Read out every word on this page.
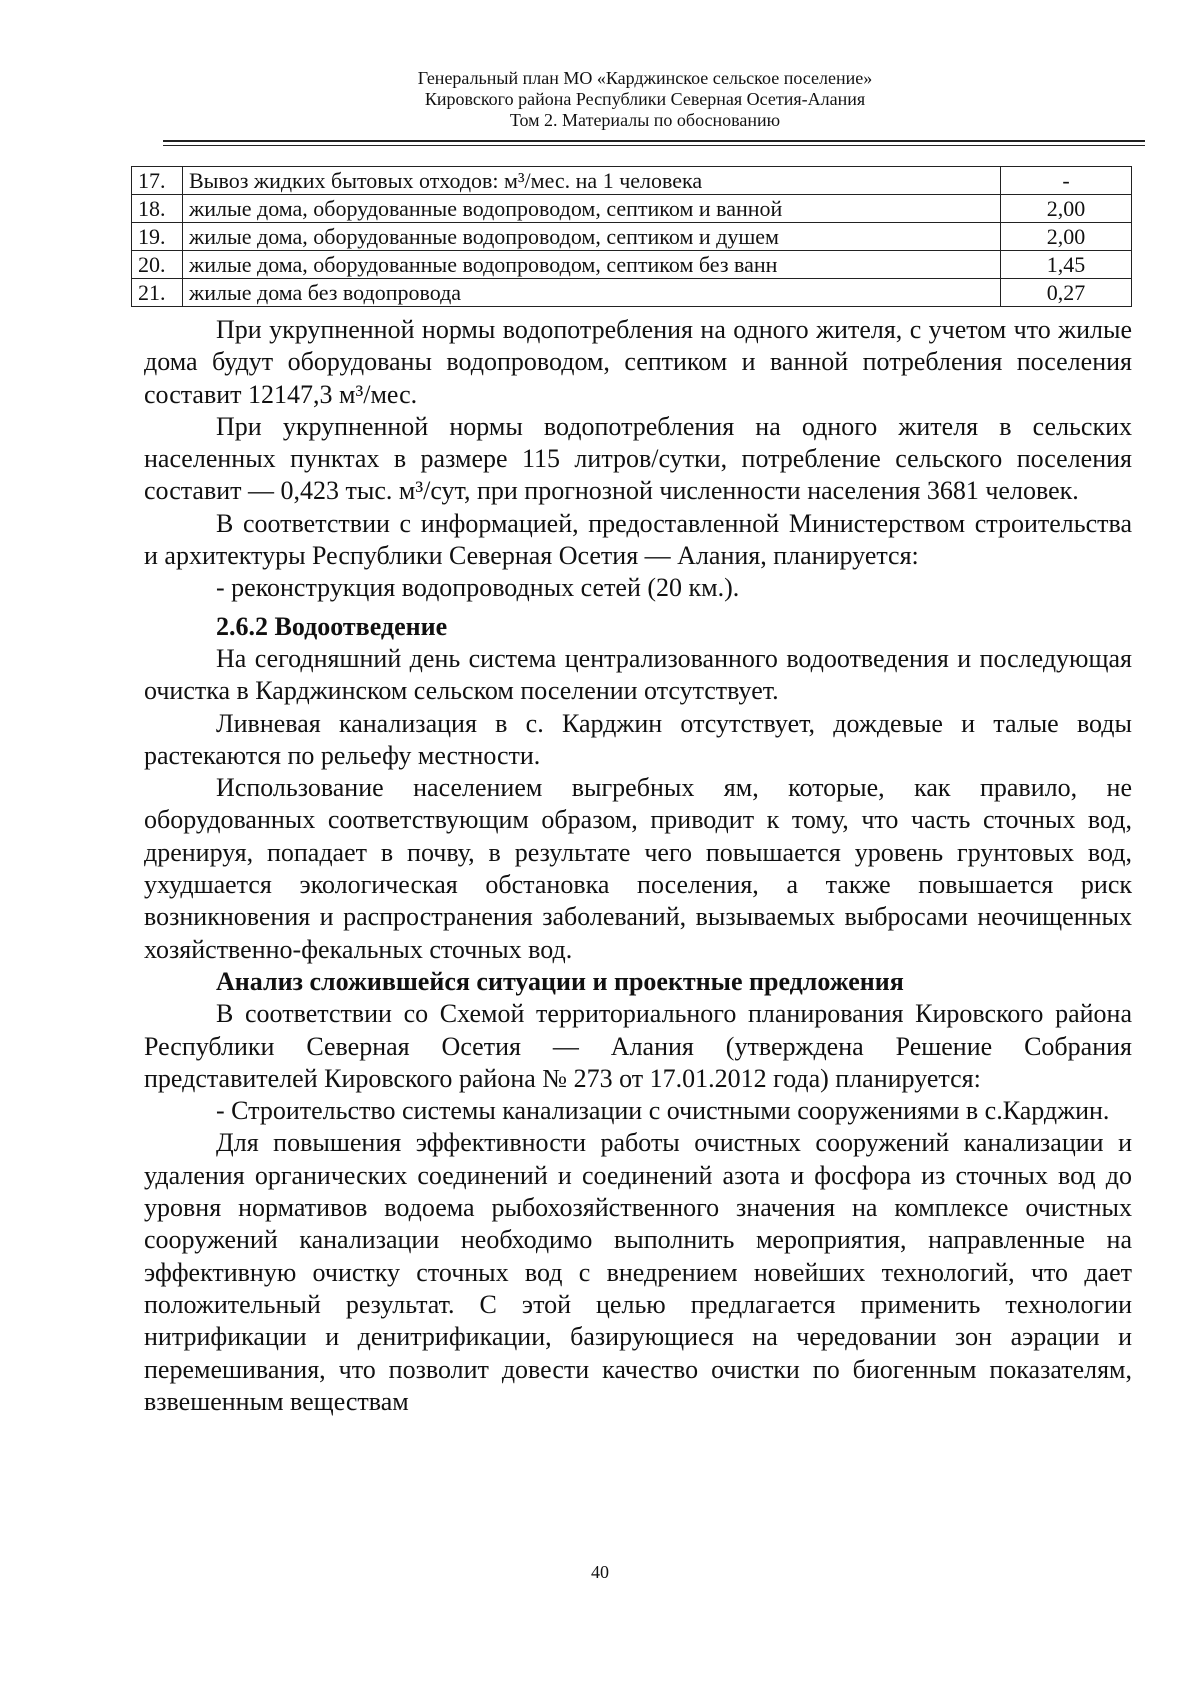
Генеральный план МО «Карджинское сельское поселение»
Кировского района Республики Северная Осетия-Алания
Том 2. Материалы по обоснованию
17.	Вывоз жидких бытовых отходов: м³/мес. на 1 человека	-
18.	жилые дома, оборудованные водопроводом, септиком и ванной	2,00
19.	жилые дома, оборудованные водопроводом, септиком и душем	2,00
20.	жилые дома, оборудованные водопроводом, септиком без ванн	1,45
21.	жилые дома без водопровода	0,27

При укрупненной нормы водопотребления на одного жителя, с учетом что жилые дома будут оборудованы водопроводом, септиком и ванной потребления поселения составит 12147,3 м³/мес.

При укрупненной нормы водопотребления на одного жителя в сельских населенных пунктах в размере 115 литров/сутки, потребление сельского поселения составит — 0,423 тыс. м³/сут, при прогнозной численности населения 3681 человек.

В соответствии с информацией, предоставленной Министерством строительства и архитектуры Республики Северная Осетия — Алания, планируется:

- реконструкция водопроводных сетей (20 км.).

2.6.2 Водоотведение

На сегодняшний день система централизованного водоотведения и последующая очистка в Карджинском сельском поселении отсутствует.

Ливневая канализация в с. Карджин отсутствует, дождевые и талые воды растекаются по рельефу местности.

Использование населением выгребных ям, которые, как правило, не оборудованных соответствующим образом, приводит к тому, что часть сточных вод, дренируя, попадает в почву, в результате чего повышается уровень грунтовых вод, ухудшается экологическая обстановка поселения, а также повышается риск возникновения и распространения заболеваний, вызываемых выбросами неочищенных хозяйственно-фекальных сточных вод.

Анализ сложившейся ситуации и проектные предложения

В соответствии со Схемой территориального планирования Кировского района Республики Северная Осетия — Алания (утверждена Решение Собрания представителей Кировского района № 273 от 17.01.2012 года) планируется:

- Строительство системы канализации с очистными сооружениями в с.Карджин.

Для повышения эффективности работы очистных сооружений канализации и удаления органических соединений и соединений азота и фосфора из сточных вод до уровня нормативов водоема рыбохозяйственного значения на комплексе очистных сооружений канализации необходимо выполнить мероприятия, направленные на эффективную очистку сточных вод с внедрением новейших технологий, что дает положительный результат. С этой целью предлагается применить технологии нитрификации и денитрификации, базирующиеся на чередовании зон аэрации и перемешивания, что позволит довести качество очистки по биогенным показателям, взвешенным веществам

40
